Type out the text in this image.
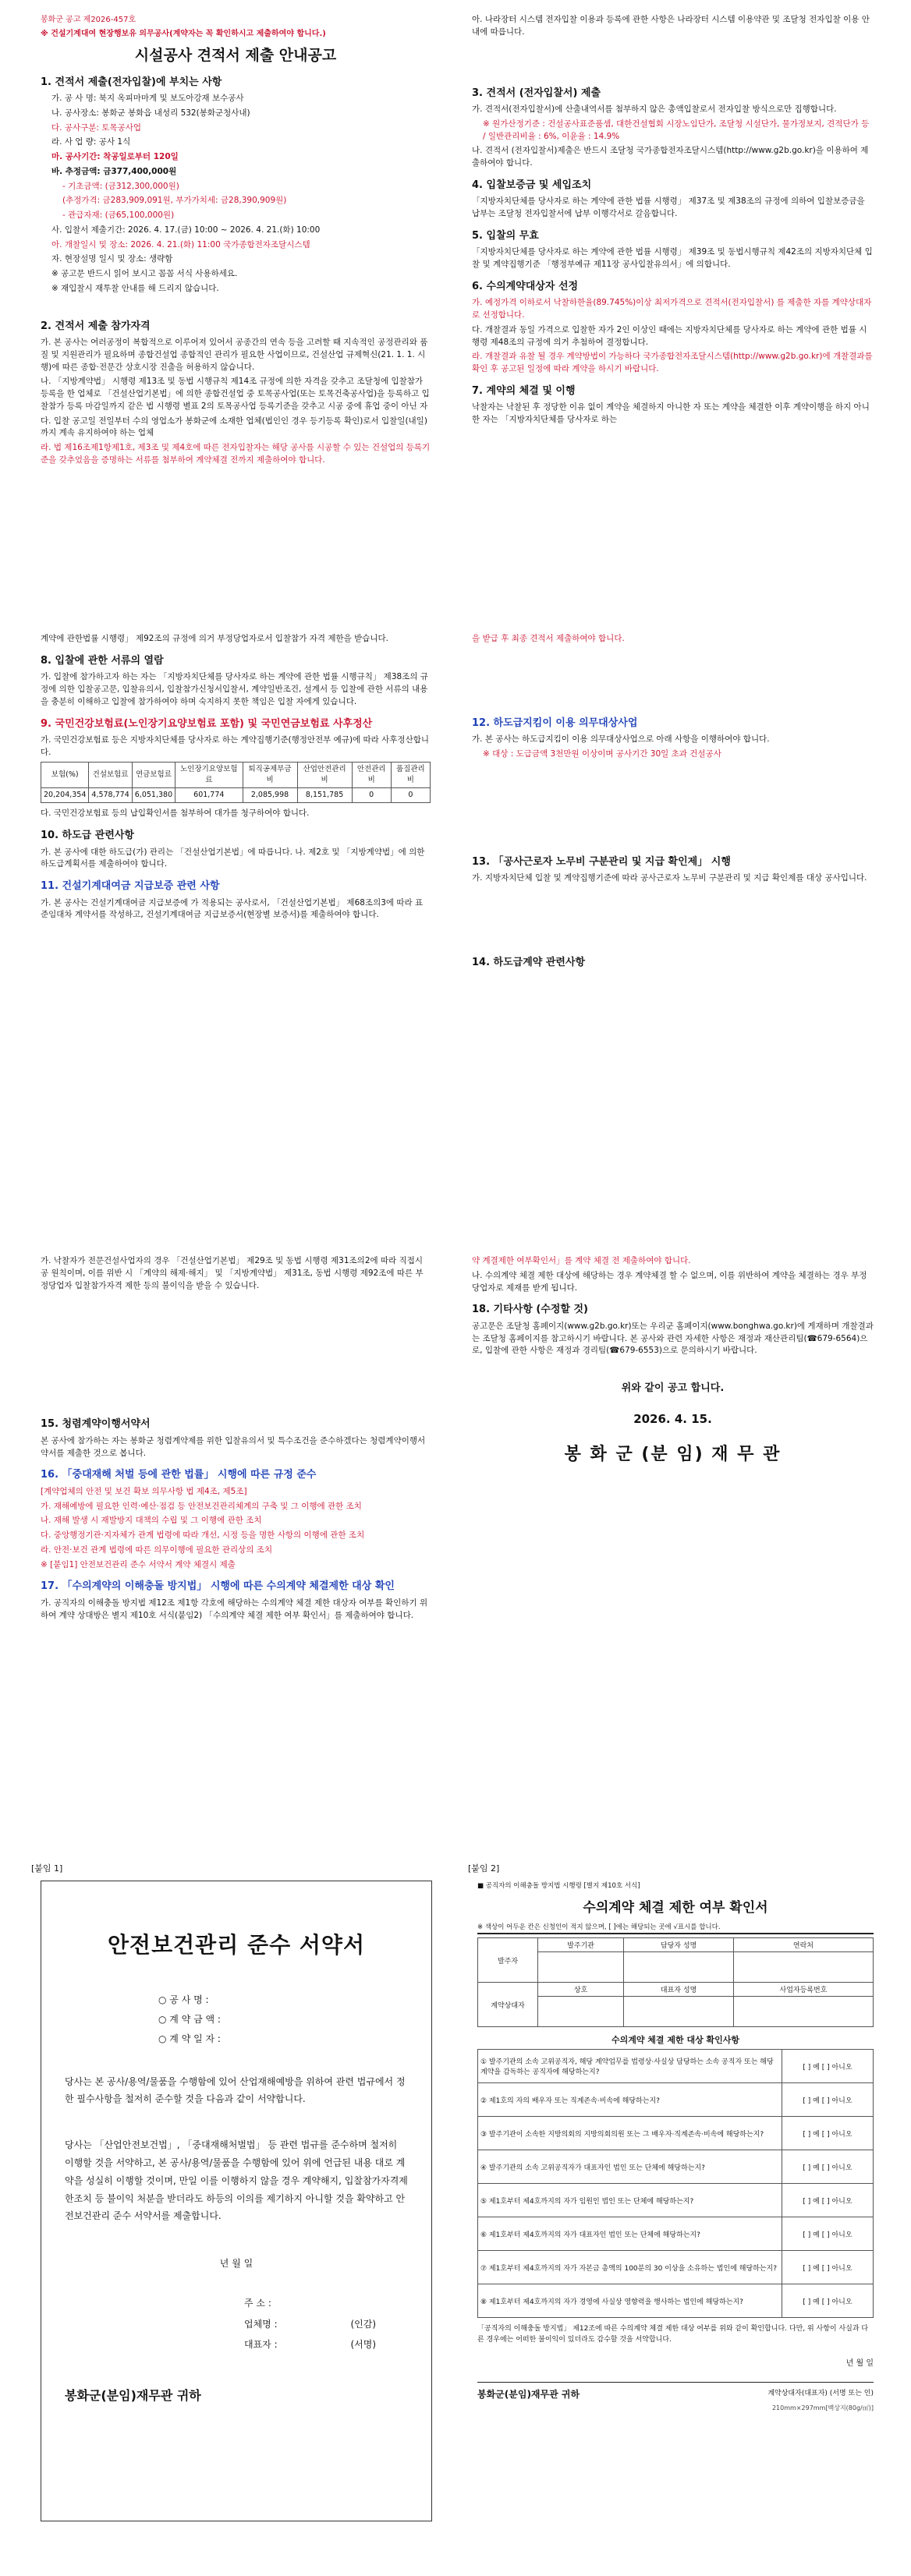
봉화군 공고 제2026-457호

※ 건설기계대여 현장행보유 의무공사(계약자는 꼭 확인하시고 제출하여야 합니다.)

시설공사 견적서 제출 안내공고

1. 견적서 제출(전자입찰)에 부치는 사항

가. 공 사 명: 북지 옥피마마게 및 보도아강재 보수공사

나. 공사장소: 봉화군 봉화읍 내성리 532(봉화군청사내)

다. 공사구분: 토목공사업

라. 사 업 량: 공사 1식

마. 공사기간: 착공일로부터 120일

바. 추정금액: 금377,400,000원

- 기초금액: (금312,300,000원)

(추정가격: 금283,909,091원, 부가가치세: 금28,390,909원)

- 관급자재: (금65,100,000원)

사. 입찰서 제출기간: 2026. 4. 17.(금) 10:00 ~ 2026. 4. 21.(화) 10:00

아. 개찰일시 및 장소: 2026. 4. 21.(화) 11:00 국가종합전자조달시스템

자. 현장설명 일시 및 장소: 생략함

※ 공고문 반드시 읽어 보시고 꼼꼼 서식 사용하세요.

※ 재입찰시 재투찰 안내를 해 드리지 않습니다.

2. 견적서 제출 참가자격

가. 본 공사는 여러공정이 복합적으로 이루어져 있어서 공종간의 연속 등을 고려할 때 지속적인 공정관리와 품질 및 지원관리가 필요하며 종합건설업 종합적인 관리가 필요한 사업이므로, 건설산업 규제혁신(21. 1. 1. 시행)에 따른 종합·전문간 상호시장 진출을 허용하지 않습니다.

나. 「지방계약법」 시행령 제13조 및 동법 시행규칙 제14조 규정에 의한 자격을 갖추고 조달청에 입찰참가 등록을 한 업체로 「건설산업기본법」에 의한 종합건설업 중 토목공사업(또는 토목건축공사업)을 등록하고 입찰참가 등록 마감일까지 같은 법 시행령 별표 2의 토목공사업 등록기준을 갖추고 시공 중에 휴업 중이 아닌 자

다. 입찰 공고일 전일부터 수의 영업소가 봉화군에 소재한 업체(법인인 경우 등기등록 확인)로서 입찰일(내일)까지 계속 유지하여야 하는 업체

라. 법 제16조제1항제1호, 제3조 및 제4호에 따른 전자입찰자는 해당 공사를 시공할 수 있는 건설업의 등록기준을 갖추었음을 증명하는 서류를 첨부하여 계약체결 전까지 제출하여야 합니다.

아. 나라장터 시스템 전자입찰 이용과 등록에 관한 사항은 나라장터 시스템 이용약관 및 조달청 전자입찰 이용 안내에 따릅니다.

3. 견적서 (전자입찰서) 제출

가. 견적서(전자입찰서)에 산출내역서를 첨부하지 않은 총액입찰로서 전자입찰 방식으로만 집행합니다.

※ 원가산정기준 : 건설공사표준품셈, 대한건설협회 시장노임단가, 조달청 시설단가, 물가정보지, 견적단가 등 / 일반관리비율 : 6%, 이윤율 : 14.9%

나. 견적서 (전자입찰서)제출은 반드시 조달청 국가종합전자조달시스템(http://www.g2b.go.kr)을 이용하여 제출하여야 합니다.

4. 입찰보증금 및 세입조치

「지방자치단체를 당사자로 하는 계약에 관한 법률 시행령」 제37조 및 제38조의 규정에 의하여 입찰보증금을 납부는 조달청 전자입찰서에 납부 이행각서로 갈음합니다.

5. 입찰의 무효

「지방자치단체를 당사자로 하는 계약에 관한 법률 시행령」 제39조 및 동법시행규칙 제42조의 지방자치단체 입찰 및 계약집행기준 「행정부예규 제11장 공사입찰유의서」에 의합니다.

6. 수의계약대상자 선정

가. 예정가격 이하로서 낙찰하한율(89.745%)이상 최저가격으로 견적서(전자입찰서) 를 제출한 자를 계약상대자로 선정합니다.

다. 개찰결과 동일 가격으로 입찰한 자가 2인 이상인 때에는 지방자치단체를 당사자로 하는 계약에 관한 법률 시행령 제48조의 규정에 의거 추첨하여 결정합니다.

라. 개찰결과 유찰 될 경우 계약방법이 가능하다 국가종합전자조달시스템(http://www.g2b.go.kr)에 개찰결과를 확인 후 공고된 일정에 따라 계약을 하시기 바랍니다.

7. 계약의 체결 및 이행

낙찰자는 낙찰된 후 정당한 이유 없이 계약을 체결하지 아니한 자 또는 계약을 체결한 이후 계약이행을 하지 아니한 자는 「지방자치단체를 당사자로 하는

계약에 관한법률 시행령」 제92조의 규정에 의거 부정당업자로서 입찰참가 자격 제한을 받습니다.

8. 입찰에 관한 서류의 열람

가. 입찰에 참가하고자 하는 자는 「지방자치단체를 당사자로 하는 계약에 관한 법률 시행규칙」 제38조의 규정에 의한 입찰공고문, 입찰유의서, 입찰참가신청서입찰서, 계약일반조건, 설계서 등 입찰에 관한 서류의 내용을 충분히 이해하고 입찰에 참가하여야 하며 숙지하지 못한 책임은 입찰 자에게 있습니다.

9. 국민건강보험료(노인장기요양보험료 포함) 및 국민연금보험료 사후정산

가. 국민건강보험료 등은 지방자치단체를 당사자로 하는 계약집행기준(행정안전부 예규)에 따라 사후정산합니다.

보험(%)	건설보험료	연금보험료	노인장기요양보험료	퇴직공제부금비	산업안전관리비	안전관리비	품질관리비
20,204,354	4,578,774	6,051,380	601,774	2,085,998	8,151,785	0	0

다. 국민건강보험료 등의 납입확인서를 첨부하여 대가를 청구하여야 합니다.

10. 하도급 관련사항

가. 본 공사에 대한 하도급(가) 관리는 「건설산업기본법」에 따릅니다. 나. 제2호 및 「지방계약법」에 의한 하도급계획서를 제출하여야 합니다.

11. 건설기계대여금 지급보증 관련 사항

가. 본 공사는 건설기계대여금 지급보증에 가 적용되는 공사로서, 「건설산업기본법」 제68조의3에 따라 표준임대차 계약서를 작성하고, 건설기계대여금 지급보증서(현장별 보증서)를 제출하여야 합니다.

을 받급 후 최종 견적서 제출하여야 합니다.

12. 하도급지킴이 이용 의무대상사업

가. 본 공사는 하도급지킴이 이용 의무대상사업으로 아래 사항을 이행하여야 합니다.

※ 대상 : 도급금액 3천만원 이상이며 공사기간 30일 초과 건설공사

13. 「공사근로자 노무비 구분관리 및 지급 확인제」 시행

가. 지방자치단체 입찰 및 계약집행기준에 따라 공사근로자 노무비 구분관리 및 지급 확인제를 대상 공사입니다.

14. 하도급계약 관련사항

가. 낙찰자가 전문건설사업자의 경우 「건설산업기본법」 제29조 및 동법 시행령 제31조의2에 따라 직접시공 원칙이며, 이를 위반 시 「계약의 해제·해지」 및 「지방계약법」 제31조, 동법 시행령 제92조에 따른 부정당업자 입찰참가자격 제한 등의 불이익을 받을 수 있습니다.

15. 청렴계약이행서약서

본 공사에 참가하는 자는 봉화군 청렴계약제를 위한 입찰유의서 및 특수조건을 준수하겠다는 청렴계약이행서약서를 제출한 것으로 봅니다.

16. 「중대재해 처벌 등에 관한 법률」 시행에 따른 규정 준수

[계약업체의 안전 및 보건 확보 의무사항 법 제4조, 제5조]

가. 재해예방에 필요한 인력·예산·점검 등 안전보건관리체계의 구축 및 그 이행에 관한 조치

나. 재해 발생 시 재발방지 대책의 수립 및 그 이행에 관한 조치

다. 중앙행정기관·지자체가 관계 법령에 따라 개선, 시정 등을 명한 사항의 이행에 관한 조치

라. 안전·보건 관계 법령에 따른 의무이행에 필요한 관리상의 조치

※ [붙임1] 안전보건관리 준수 서약서 계약 체결시 제출

17. 「수의계약의 이해충돌 방지법」 시행에 따른 수의계약 체결제한 대상 확인

가. 공직자의 이해충돌 방지법 제12조 제1항 각호에 해당하는 수의계약 체결 제한 대상자 여부를 확인하기 위하여 계약 상대방은 별지 제10호 서식(붙임2) 「수의계약 체결 제한 여부 확인서」를 제출하여야 합니다.

약 계결제한 여부확인서」를 계약 체결 전 제출하여야 합니다.

나. 수의계약 체결 제한 대상에 해당하는 경우 계약체결 할 수 없으며, 이를 위반하여 계약을 체결하는 경우 부정당업자로 제재를 받게 됩니다.

18. 기타사항 (수정할 것)

공고문은 조달청 홈페이지(www.g2b.go.kr)또는 우리군 홈페이지(www.bonghwa.go.kr)에 게재하며 개찰결과는 조달청 홈페이지를 참고하시기 바랍니다. 본 공사와 관련 자세한 사항은 재정과 재산관리팀(☎679-6564)으로, 입찰에 관한 사항은 재정과 경리팀(☎679-6553)으로 문의하시기 바랍니다.

위와 같이 공고 합니다.

2026. 4. 15.

봉 화 군 (분 임) 재 무 관

[붙임 1]
안전보건관리 준수 서약서
○ 공 사 명 :
○ 계 약 금 액 :
○ 계 약 일 자 :
당사는 본 공사/용역/물품을 수행함에 있어 산업재해예방을 위하여 관련 법규에서 정한 필수사항을 철저히 준수할 것을 다음과 같이 서약합니다.
당사는 「산업안전보건법」, 「중대재해처벌법」 등 관련 법규를 준수하며 철저히 이행할 것을 서약하고, 본 공사/용역/물품을 수행함에 있어 위에 언급된 내용 대로 계약을 성실히 이행할 것이며, 만일 이를 이행하지 않을 경우 계약해지, 입찰참가자격제한조치 등 불이익 처분을 받더라도 하등의 이의를 제기하지 아니할 것을 확약하고 안전보건관리 준수 서약서를 제출합니다.
년 월 일
주 소 :
업체명 :	(인감)
대표자 :	(서명)
봉화군(분임)재무관 귀하
[붙임 2]
■ 공직자의 이해충돌 방지법 시행령 [별지 제10호 서식]
수의계약 체결 제한 여부 확인서
※ 색상이 어두운 칸은 신청인이 적지 않으며, [ ]에는 해당되는 곳에 √표시를 합니다.
발주자	발주기관	담당자 성명	연락처

계약상대자	상호	대표자 성명	사업자등록번호

수의계약 체결 제한 대상 확인사항
① 발주기관의 소속 고위공직자, 해당 계약업무를 법령상·사실상 담당하는 소속 공직자 또는 해당 계약을 감독하는 공직자에 해당하는지?	[ ] 예 [ ] 아니오
② 제1호의 자의 배우자 또는 직계존속·비속에 해당하는지?	[ ] 예 [ ] 아니오
③ 발주기관이 소속한 지방의회의 지방의회의원 또는 그 배우자·직계존속·비속에 해당하는지?	[ ] 예 [ ] 아니오
④ 발주기관의 소속 고위공직자가 대표자인 법인 또는 단체에 해당하는지?	[ ] 예 [ ] 아니오
⑤ 제1호부터 제4호까지의 자가 임원인 법인 또는 단체에 해당하는지?	[ ] 예 [ ] 아니오
⑥ 제1호부터 제4호까지의 자가 대표자인 법인 또는 단체에 해당하는지?	[ ] 예 [ ] 아니오
⑦ 제1호부터 제4호까지의 자가 자본금 총액의 100분의 30 이상을 소유하는 법인에 해당하는지?	[ ] 예 [ ] 아니오
⑧ 제1호부터 제4호까지의 자가 경영에 사실상 영향력을 행사하는 법인에 해당하는지?	[ ] 예 [ ] 아니오
「공직자의 이해충돌 방지법」 제12조에 따른 수의계약 체결 제한 대상 여부를 위와 같이 확인합니다. 다만, 위 사항이 사실과 다른 경우에는 어떠한 불이익이 있더라도 감수할 것을 서약합니다.
년 월 일
봉화군(분임)재무관 귀하	계약상대자(대표자) (서명 또는 인)
210mm×297mm[백상지(80g/㎡)]
